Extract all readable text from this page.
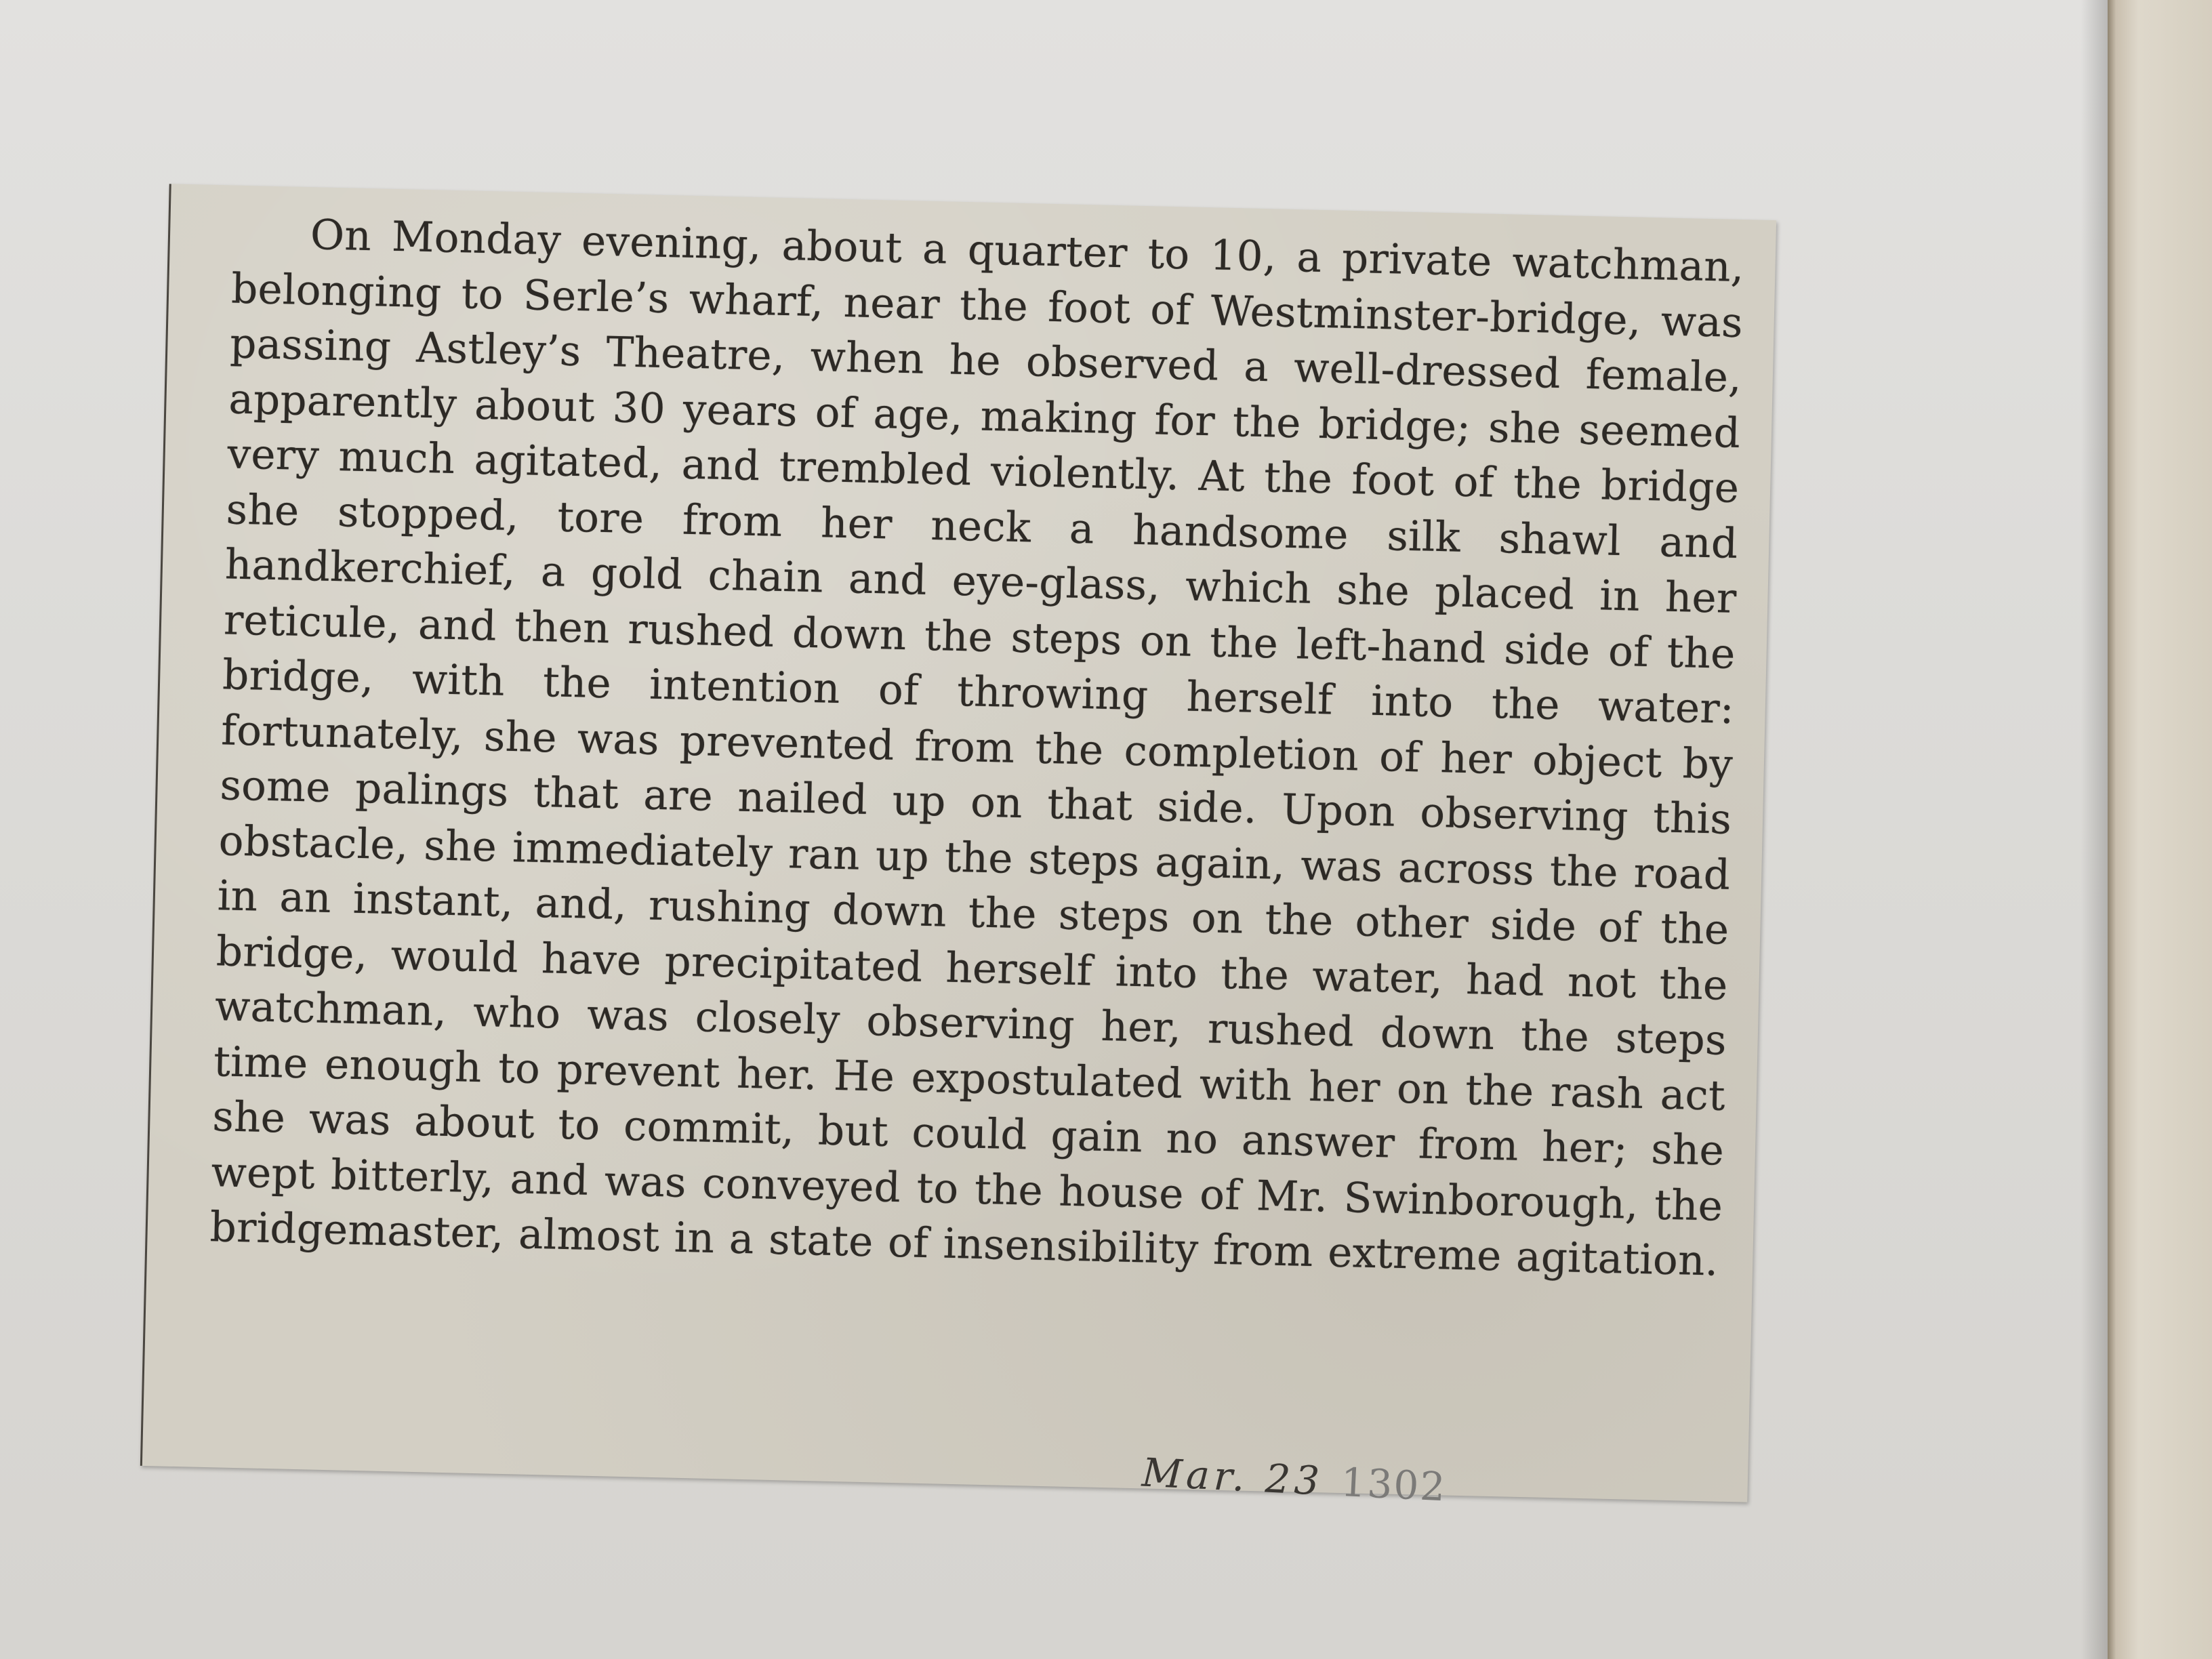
On Monday evening, about a quarter to 10, a private watchman, belonging to Serle’s wharf, near the foot of Westminster-bridge, was passing Astley’s Theatre, when he observed a well-dressed female, apparently about 30 years of age, making for the bridge; she seemed very much agitated, and trembled violently. At the foot of the bridge she stopped, tore from her neck a handsome silk shawl and handkerchief, a gold chain and eye-glass, which she placed in her reticule, and then rushed down the steps on the left-hand side of the bridge, with the intention of throwing herself into the water: fortunately, she was prevented from the completion of her object by some palings that are nailed up on that side. Upon observing this obstacle, she immediately ran up the steps again, was across the road in an instant, and, rushing down the steps on the other side of the bridge, would have precipitated herself into the water, had not the watchman, who was closely observing her, rushed down the steps time enough to prevent her. He expostulated with her on the rash act she was about to commit, but could gain no answer from her; she wept bitterly, and was conveyed to the house of Mr. Swinborough, the bridgemaster, almost in a state of insensibility from extreme agitation.

Mar. 23 1302
